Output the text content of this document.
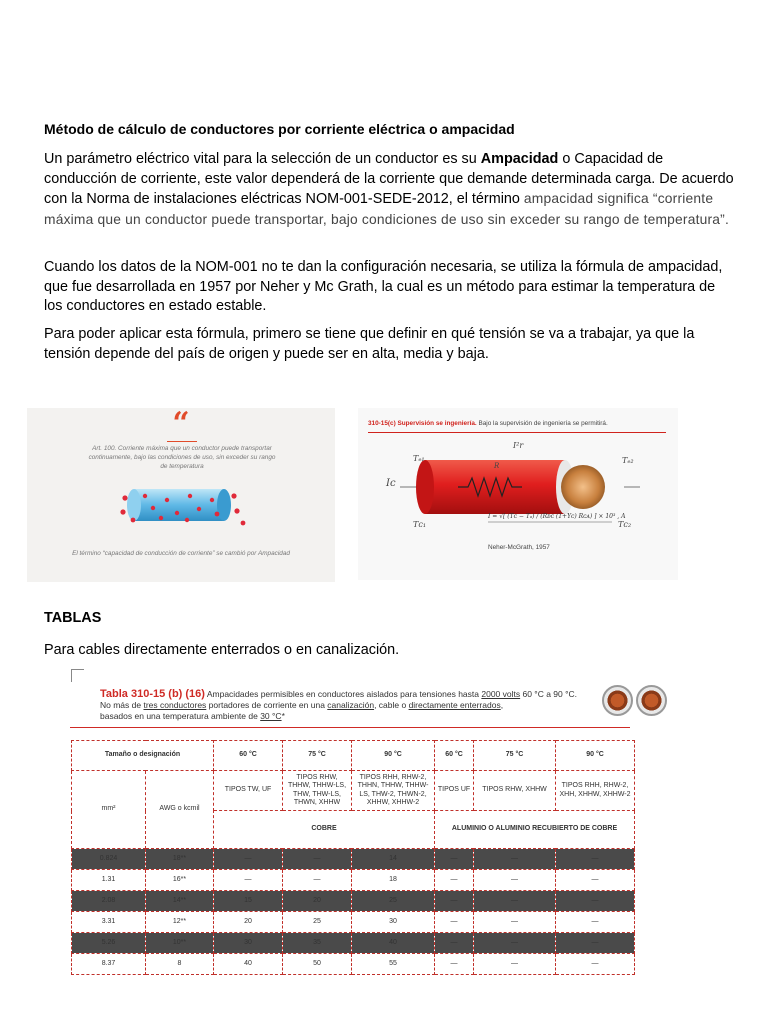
Método de cálculo de conductores por corriente eléctrica o ampacidad

Un parámetro eléctrico vital para la selección de un conductor es su Ampacidad o Capacidad de conducción de corriente, este valor dependerá de la corriente que demande determinada carga. De acuerdo con la Norma de instalaciones eléctricas NOM-001-SEDE-2012, el término ampacidad significa “corriente máxima que un conductor puede transportar, bajo condiciones de uso sin exceder su rango de temperatura”.

Cuando los datos de la NOM-001 no te dan la configuración necesaria, se utiliza la fórmula de ampacidad, que fue desarrollada en 1957 por Neher y Mc Grath, la cual es un método para estimar la temperatura de los conductores en estado estable.

Para poder aplicar esta fórmula, primero se tiene que definir en qué tensión se va a trabajar, ya que la tensión depende del país de origen y puede ser en alta, media y baja.

“
Art. 100. Corriente máxima que un conductor puede transportar continuamente, bajo las condiciones de uso, sin exceder su rango de temperatura
El término “capacidad de conducción de corriente” se cambió por Ampacidad
310-15(c) Supervisión se ingeniería. Bajo la supervisión de ingeniería se permitirá.
I²r
R
Iᴄ
Tₑ₁	Tₑ₂
Tᴄ₁	Tᴄ₂
I = √[ (Tᴄ − Tₐ) / (Rᴅᴄ (1+Yᴄ) Rᴄᴀ) ] × 10³ , A
Neher-McGrath, 1957
TABLAS

Para cables directamente enterrados o en canalización.

Tabla 310-15 (b) (16) Ampacidades permisibles en conductores aislados para tensiones hasta 2000 volts 60 °C a 90 °C.
No más de tres conductores portadores de corriente en una canalización, cable o directamente enterrados,
basados en una temperatura ambiente de 30 °C*
Tamaño o designación		60 °C	75 °C	90 °C	60 °C	75 °C	90 °C
mm²	AWG o kcmil	TIPOS TW, UF	TIPOS RHW, THHW, THHW-LS, THW, THW-LS, THWN, XHHW	TIPOS RHH, RHW-2, THHN, THHW, THHW-LS, THW-2, THWN-2, XHHW, XHHW-2	TIPOS UF	TIPOS RHW, XHHW	TIPOS RHH, RHW-2, XHH, XHHW, XHHW-2
		COBRE			ALUMINIO O ALUMINIO RECUBIERTO DE COBRE		
0.824	18**	—	—	14	—	—	—
1.31	16**	—	—	18	—	—	—
2.08	14**	15	20	25	—	—	—
3.31	12**	20	25	30	—	—	—
5.26	10**	30	35	40	—	—	—
8.37	8	40	50	55	—	—	—
